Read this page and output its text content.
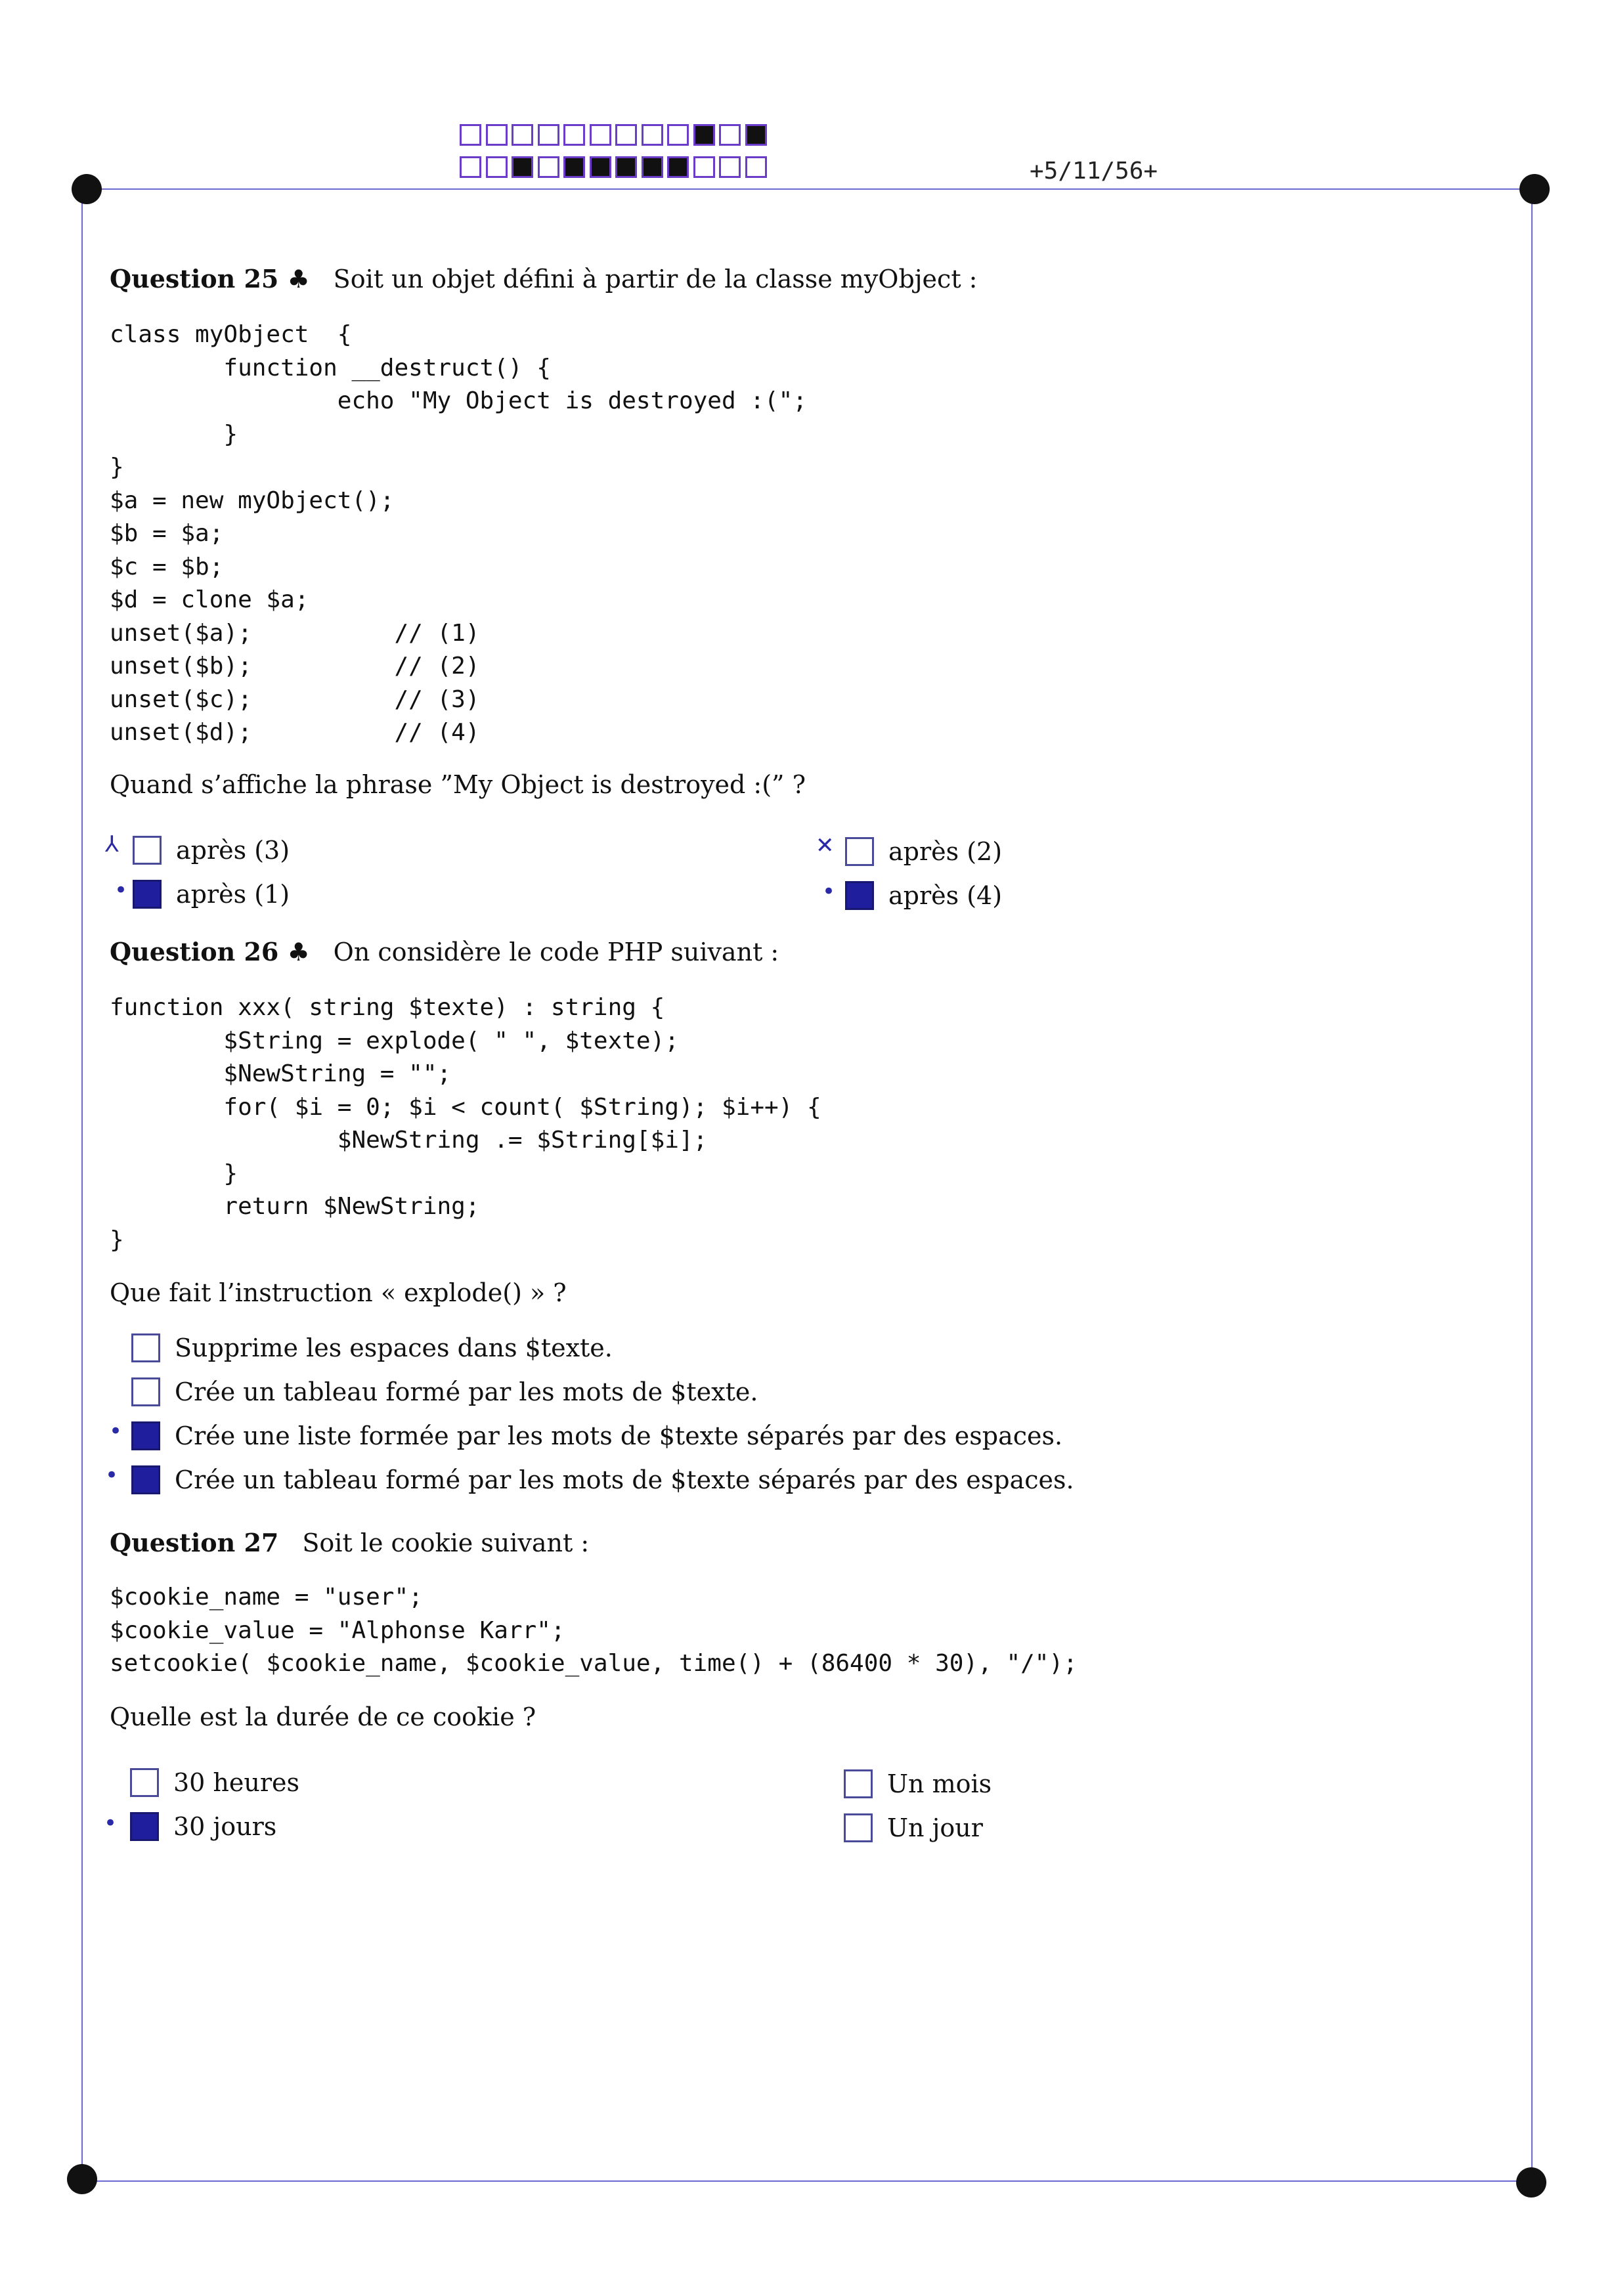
+5/11/56+
Question 25 ♣ Soit un objet défini à partir de la classe myObject :
class myObject  {
function __destruct() {
echo "My Object is destroyed :(";
}
}
$a = new myObject();
$b = $a;
$c = $b;
$d = clone $a;
unset($a);          // (1)
unset($b);          // (2)
unset($c);          // (3)
unset($d);          // (4)
Quand s’affiche la phrase ”My Object is destroyed :(” ?
⅄ après (3)	✕ après (2)
• après (1)	• après (4)
Question 26 ♣ On considère le code PHP suivant :
function xxx( string $texte) : string {
$String = explode( " ", $texte);
$NewString = "";
for( $i = 0; $i < count( $String); $i++) {
$NewString .= $String[$i];
}
return $NewString;
}
Que fait l’instruction « explode() » ?
Supprime les espaces dans $texte.
Crée un tableau formé par les mots de $texte.
• Crée une liste formée par les mots de $texte séparés par des espaces.
• Crée un tableau formé par les mots de $texte séparés par des espaces.
Question 27 Soit le cookie suivant :
$cookie_name = "user";
$cookie_value = "Alphonse Karr";
setcookie( $cookie_name, $cookie_value, time() + (86400 * 30), "/");
Quelle est la durée de ce cookie ?
30 heures	Un mois
• 30 jours	Un jour
